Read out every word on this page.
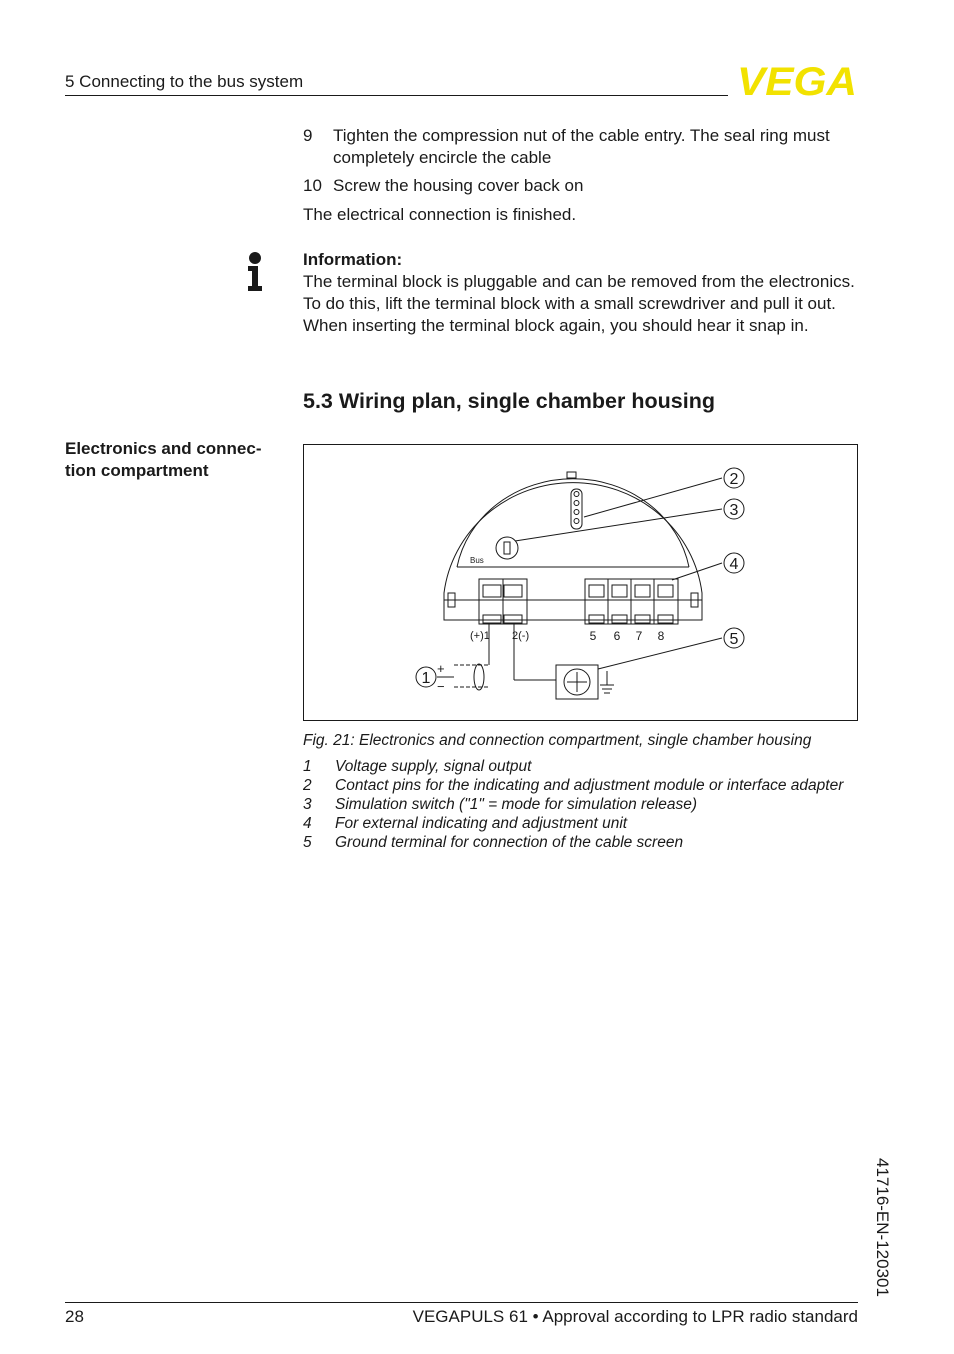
5 Connecting to the bus system	VEGA
9	Tighten the compression nut of the cable entry. The seal ring must completely encircle the cable
10 Screw the housing cover back on
The electrical connection is finished.
Information:
The terminal block is pluggable and can be removed from the electronics. To do this, lift the terminal block with a small screwdriver and pull it out. When inserting the terminal block again, you should hear it snap in.
5.3 Wiring plan, single chamber housing
Electronics and connec-tion compartment
Bus
(+)1 2(-)	5 6 7 8
+
−
1
2
3
4
5
Fig. 21: Electronics and connection compartment, single chamber housing
1 Voltage supply, signal output
2 Contact pins for the indicating and adjustment module or interface adapter
3 Simulation switch ("1" = mode for simulation release)
4 For external indicating and adjustment unit
5 Ground terminal for connection of the cable screen
41716-EN-120301
28	VEGAPULS 61 • Approval according to LPR radio standard
